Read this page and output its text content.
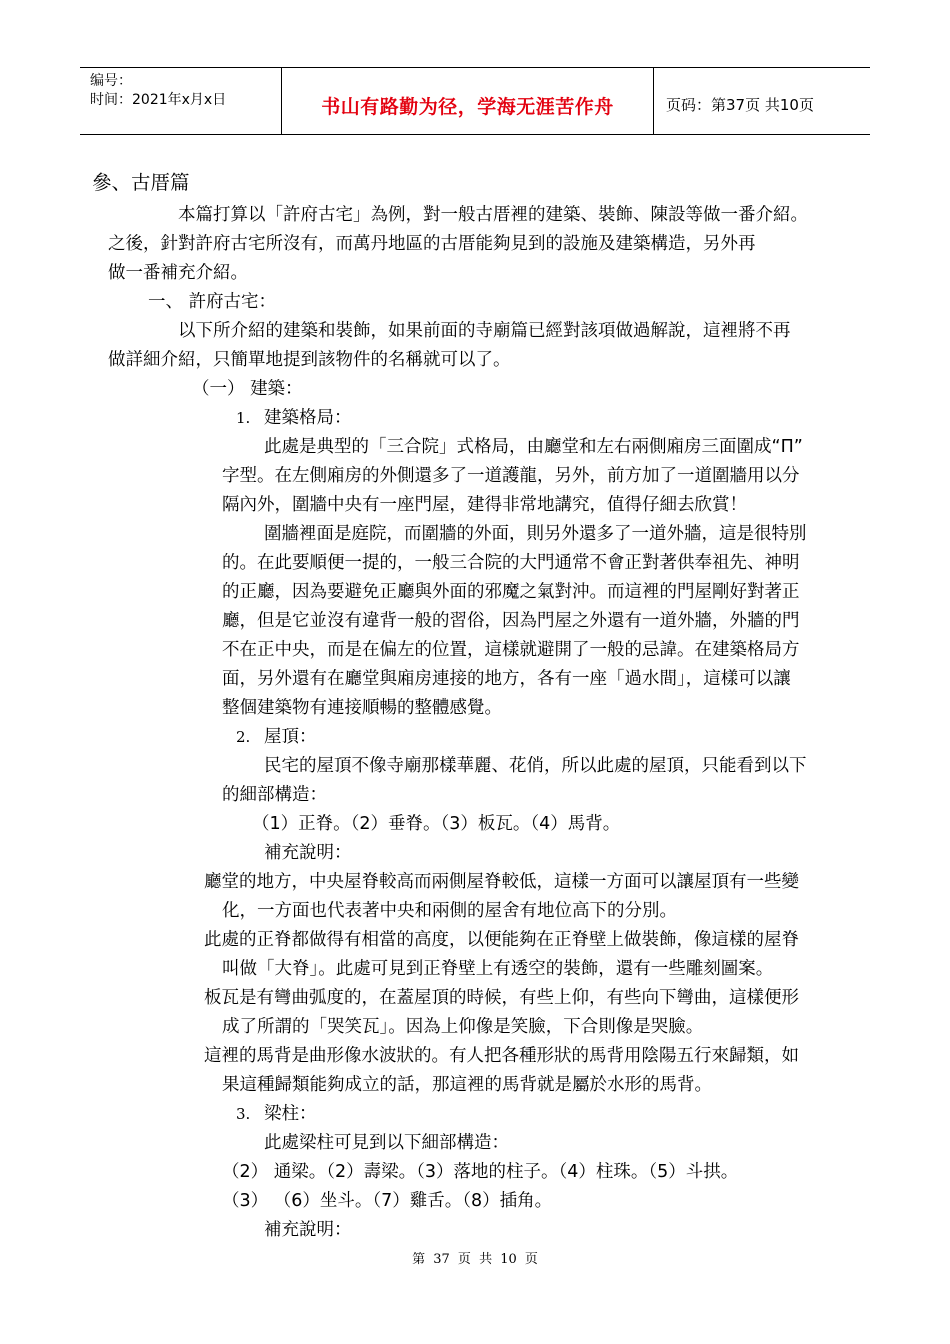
编号：
时间：2021年x月x日	书山有路勤为径，学海无涯苦作舟	页码：第37页 共10页
參、古厝篇
本篇打算以「許府古宅」為例，對一般古厝裡的建築、裝飾、陳設等做一番介紹。
之後，針對許府古宅所沒有，而萬丹地區的古厝能夠見到的設施及建築構造，另外再
做一番補充介紹。
一、 許府古宅：
以下所介紹的建築和裝飾，如果前面的寺廟篇已經對該項做過解說，這裡將不再
做詳細介紹，只簡單地提到該物件的名稱就可以了。
（一） 建築：
1. 建築格局：
此處是典型的「三合院」式格局，由廳堂和左右兩側廂房三面圍成“П”
字型。在左側廂房的外側還多了一道護龍，另外，前方加了一道圍牆用以分
隔內外，圍牆中央有一座門屋，建得非常地講究，值得仔細去欣賞！
圍牆裡面是庭院，而圍牆的外面，則另外還多了一道外牆，這是很特別
的。在此要順便一提的，一般三合院的大門通常不會正對著供奉祖先、神明
的正廳，因為要避免正廳與外面的邪魔之氣對沖。而這裡的門屋剛好對著正
廳，但是它並沒有違背一般的習俗，因為門屋之外還有一道外牆，外牆的門
不在正中央，而是在偏左的位置，這樣就避開了一般的忌諱。在建築格局方
面，另外還有在廳堂與廂房連接的地方，各有一座「過水間」，這樣可以讓
整個建築物有連接順暢的整體感覺。
2. 屋頂：
民宅的屋頂不像寺廟那樣華麗、花俏，所以此處的屋頂，只能看到以下
的細部構造：
（1）正脊。（2）垂脊。（3）板瓦。（4）馬背。
補充說明：
廳堂的地方，中央屋脊較高而兩側屋脊較低，這樣一方面可以讓屋頂有一些變
化，一方面也代表著中央和兩側的屋舍有地位高下的分別。
此處的正脊都做得有相當的高度，以便能夠在正脊壁上做裝飾，像這樣的屋脊
叫做「大脊」。此處可見到正脊壁上有透空的裝飾，還有一些雕刻圖案。
板瓦是有彎曲弧度的，在蓋屋頂的時候，有些上仰，有些向下彎曲，這樣便形
成了所謂的「哭笑瓦」。因為上仰像是笑臉，下合則像是哭臉。
這裡的馬背是曲形像水波狀的。有人把各種形狀的馬背用陰陽五行來歸類，如
果這種歸類能夠成立的話，那這裡的馬背就是屬於水形的馬背。
3. 梁柱：
此處梁柱可見到以下細部構造：
（2） 通梁。（2）壽梁。（3）落地的柱子。（4）柱珠。（5）斗拱。
（3） （6）坐斗。（7）雞舌。（8）插角。
補充說明：
第 37 页 共 10 页
